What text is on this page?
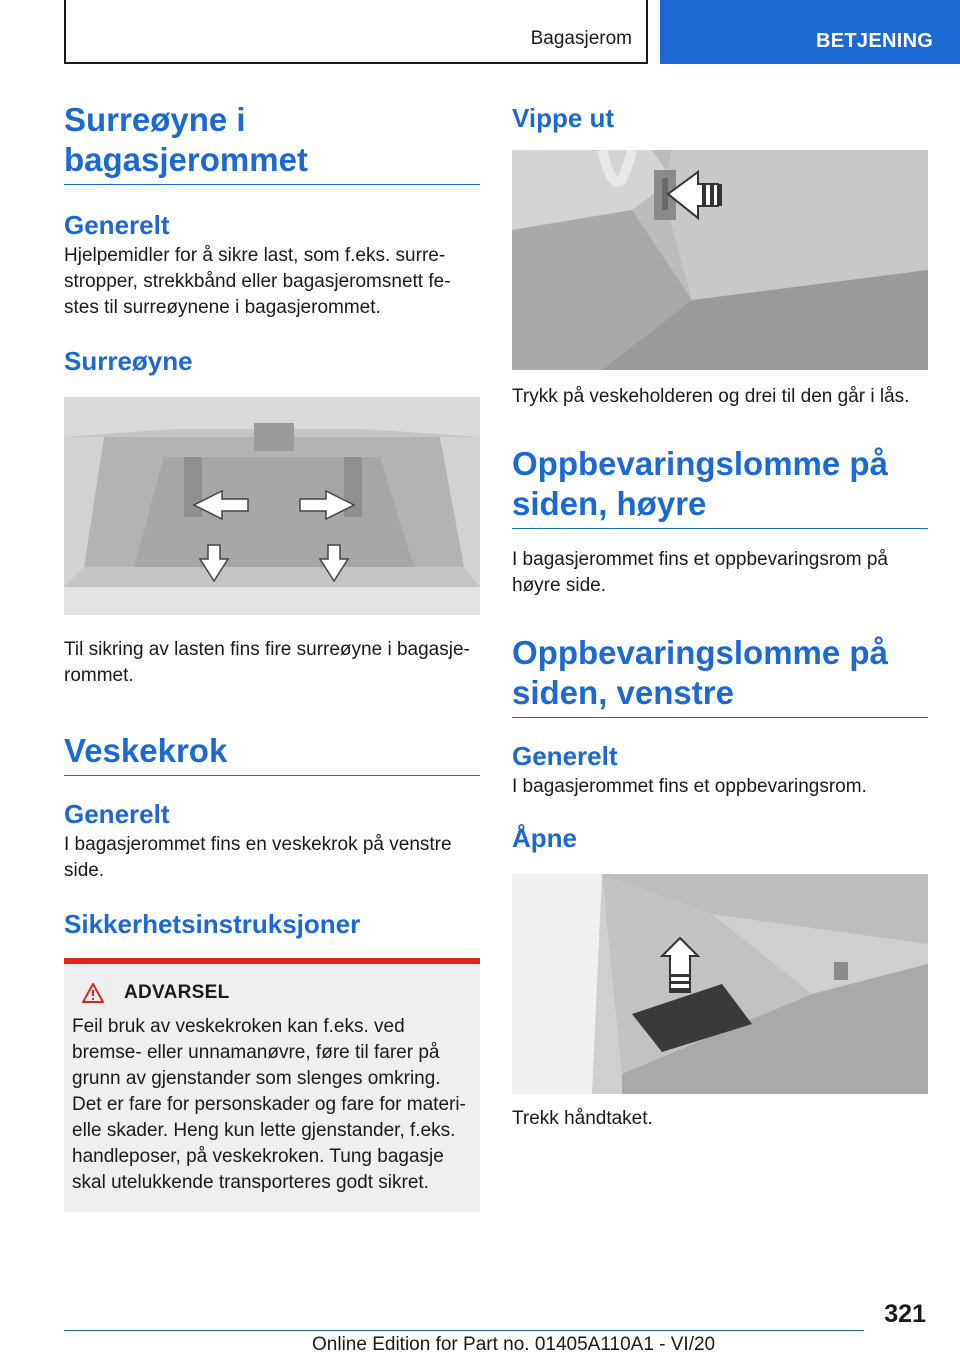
Bagasjerom	BETJENING
Surreøyne i bagasjerommet
Generelt

Hjelpemidler for å sikre last, som f.eks. surre-stropper, strekkbånd eller bagasjeromsnett fe-stes til surreøynene i bagasjerommet.

Surreøyne

Til sikring av lasten fins fire surreøyne i bagasje-rommet.

Veskekrok
Generelt

I bagasjerommet fins en veskekrok på venstre side.

Sikkerhetsinstruksjoner
ADVARSEL

Feil bruk av veskekroken kan f.eks. ved bremse- eller unnamanøvre, føre til farer på grunn av gjenstander som slenges omkring. Det er fare for personskader og fare for materi-elle skader. Heng kun lette gjenstander, f.eks. handleposer, på veskekroken. Tung bagasje skal utelukkende transporteres godt sikret.

Vippe ut

Trykk på veskeholderen og drei til den går i lås.

Oppbevaringslomme på siden, høyre

I bagasjerommet fins et oppbevaringsrom på høyre side.

Oppbevaringslomme på siden, venstre
Generelt

I bagasjerommet fins et oppbevaringsrom.

Åpne

Trekk håndtaket.

321
Online Edition for Part no. 01405A110A1 - VI/20
